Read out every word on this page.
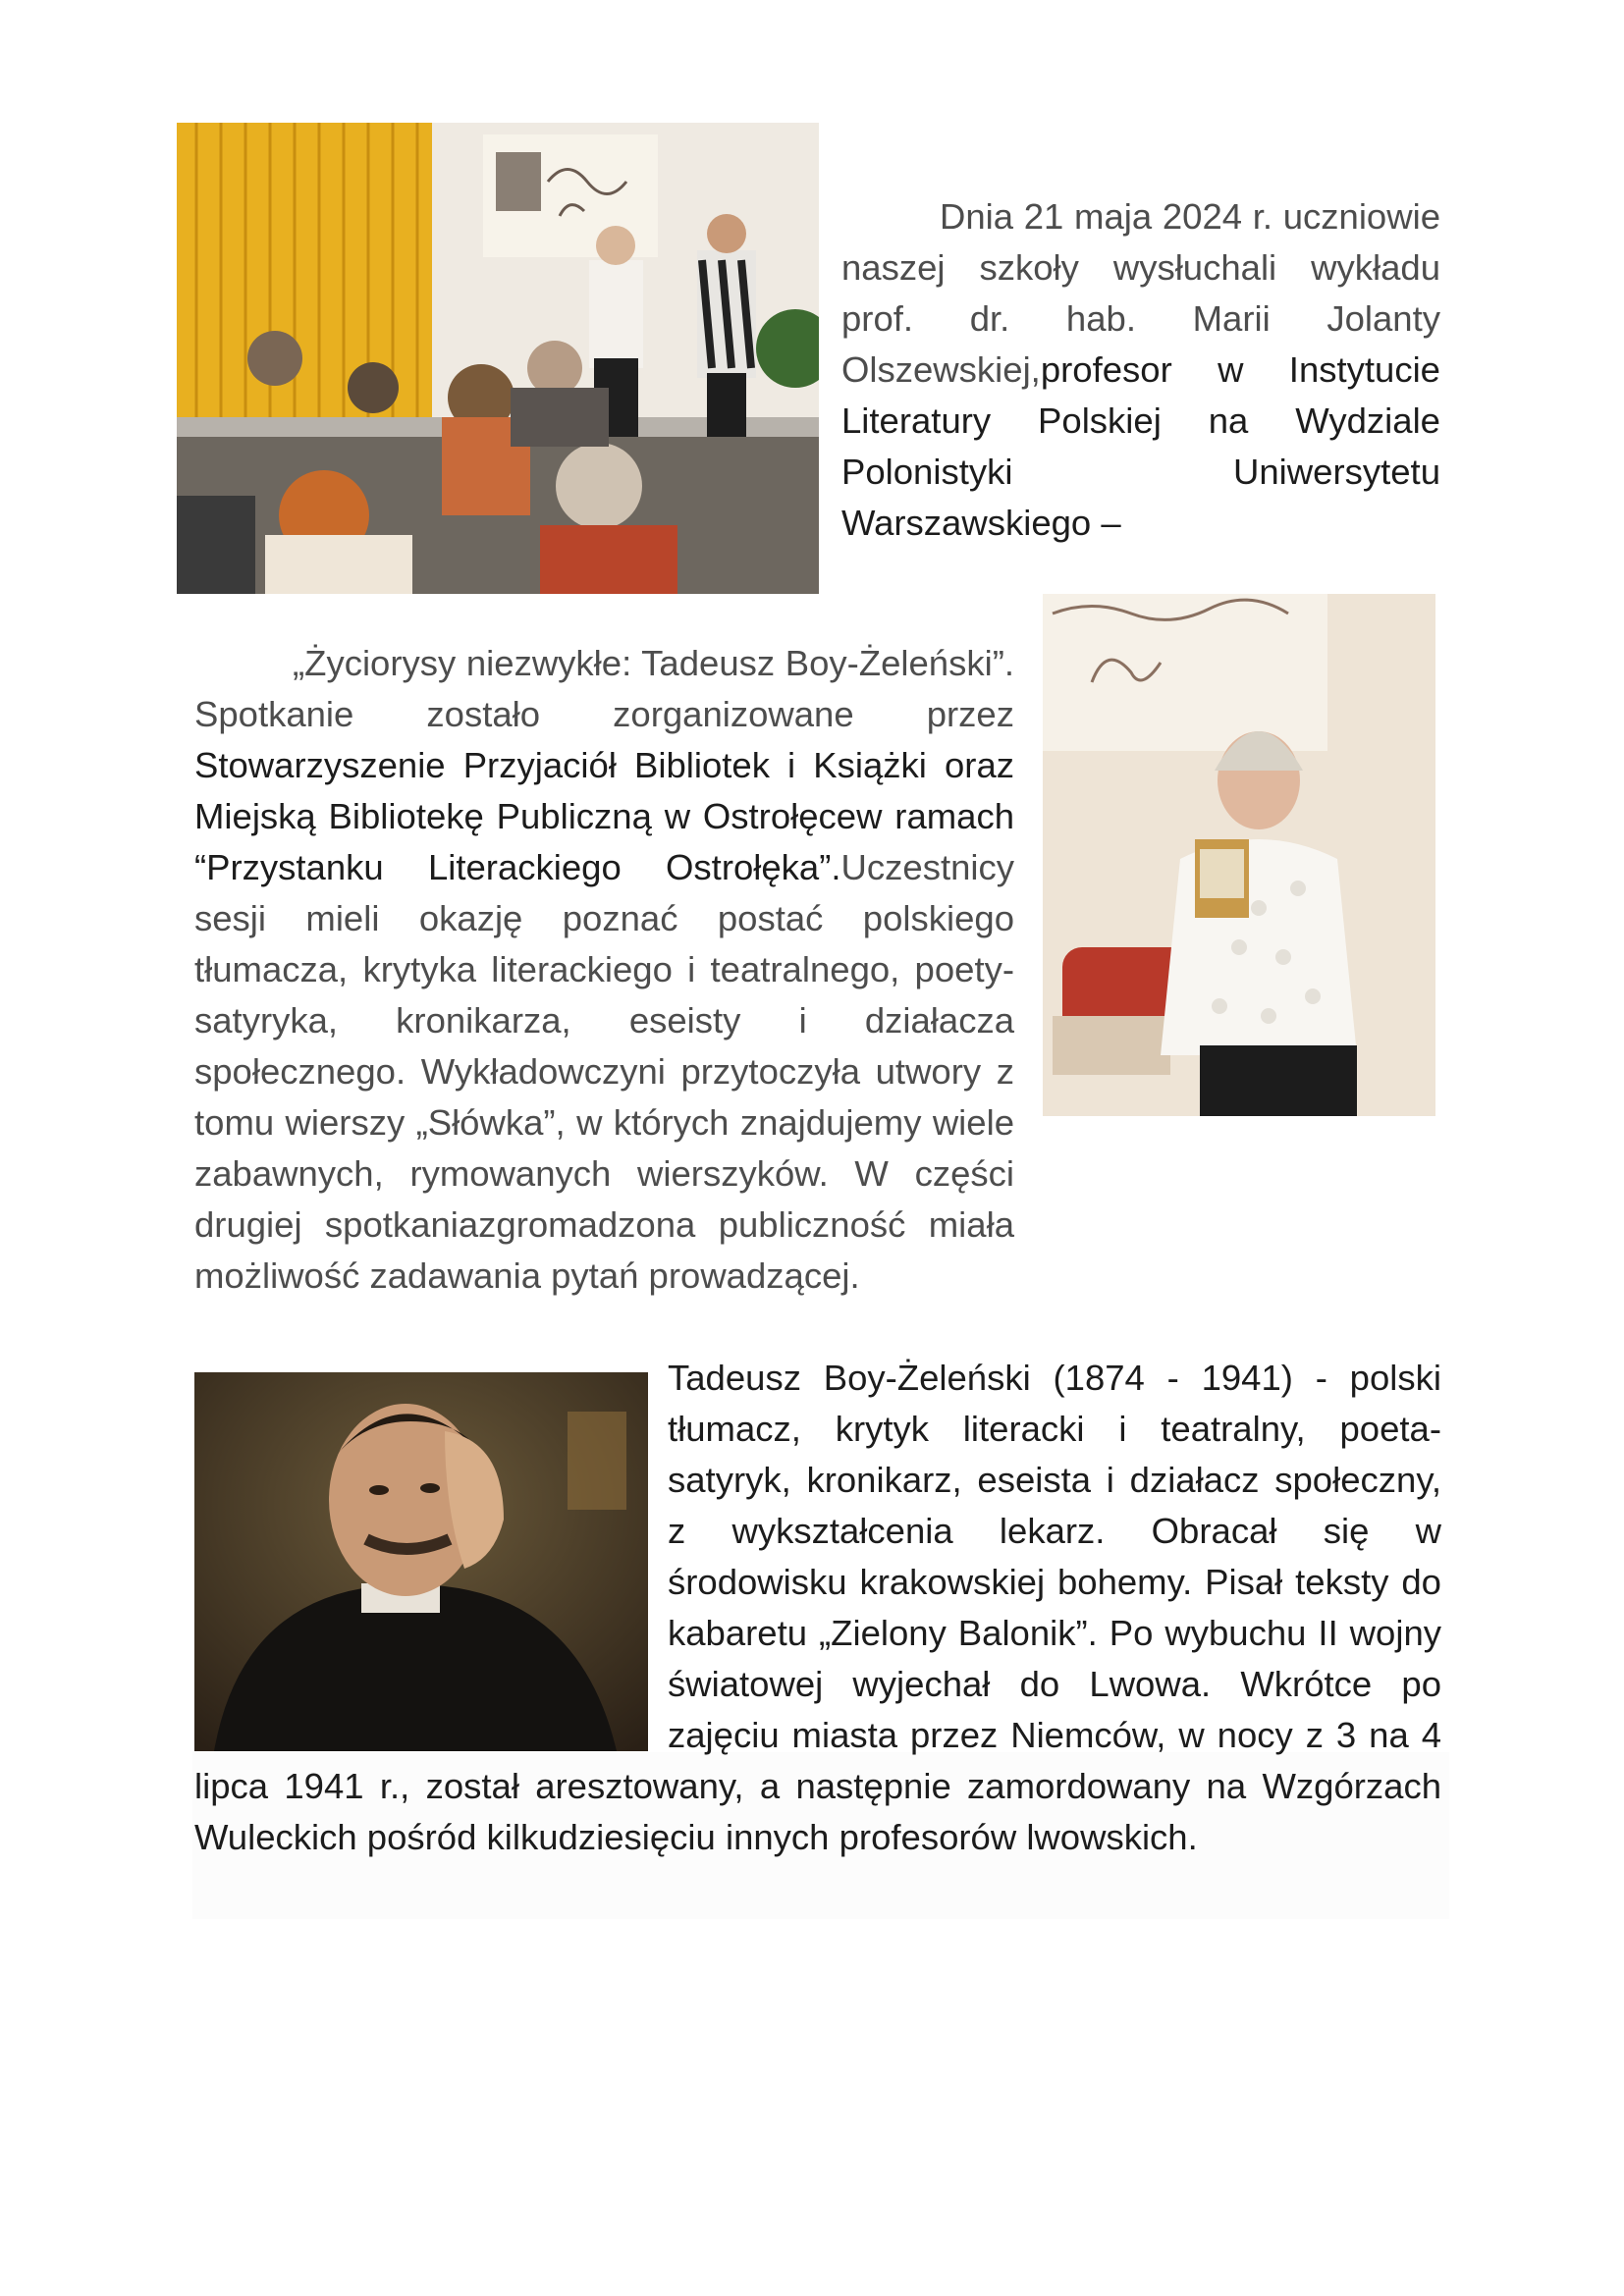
Dnia 21 maja 2024 r. uczniowie naszej szkoły wysłuchali wykładu prof. dr. hab. Marii Jolanty Olszewskiej,profesor w Instytucie Literatury Polskiej na Wydziale Polonistyki Uniwersytetu Warszawskiego –

„Życiorysy niezwykłe: Tadeusz Boy-Żeleński”. Spotkanie zostało zorganizowane przez Stowarzyszenie Przyjaciół Bibliotek i Książki oraz Miejską Bibliotekę Publiczną w Ostrołęcew ramach “Przystanku Literackiego Ostrołęka”.Uczestnicy sesji mieli okazję poznać postać polskiego tłumacza, krytyka literackiego i teatralnego, poety-satyryka, kronikarza, eseisty i działacza społecznego. Wykładowczyni przytoczyła utwory z tomu wierszy „Słówka”, w których znajdujemy wiele zabawnych, rymowanych wierszyków. W części drugiej spotkaniazgromadzona publiczność miała możliwość zadawania pytań prowadzącej.

Tadeusz Boy-Żeleński (1874 - 1941) - polski tłumacz, krytyk literacki i teatralny, poeta-satyryk, kronikarz, eseista i działacz społeczny, z wykształcenia lekarz. Obracał się w środowisku krakowskiej bohemy. Pisał teksty do kabaretu „Zielony Balonik”. Po wybuchu II wojny światowej wyjechał do Lwowa. Wkrótce po zajęciu miasta przez Niemców, w nocy z 3 na 4 lipca 1941 r., został aresztowany, a następnie zamordowany na Wzgórzach Wuleckich pośród kilkudziesięciu innych profesorów lwowskich.
